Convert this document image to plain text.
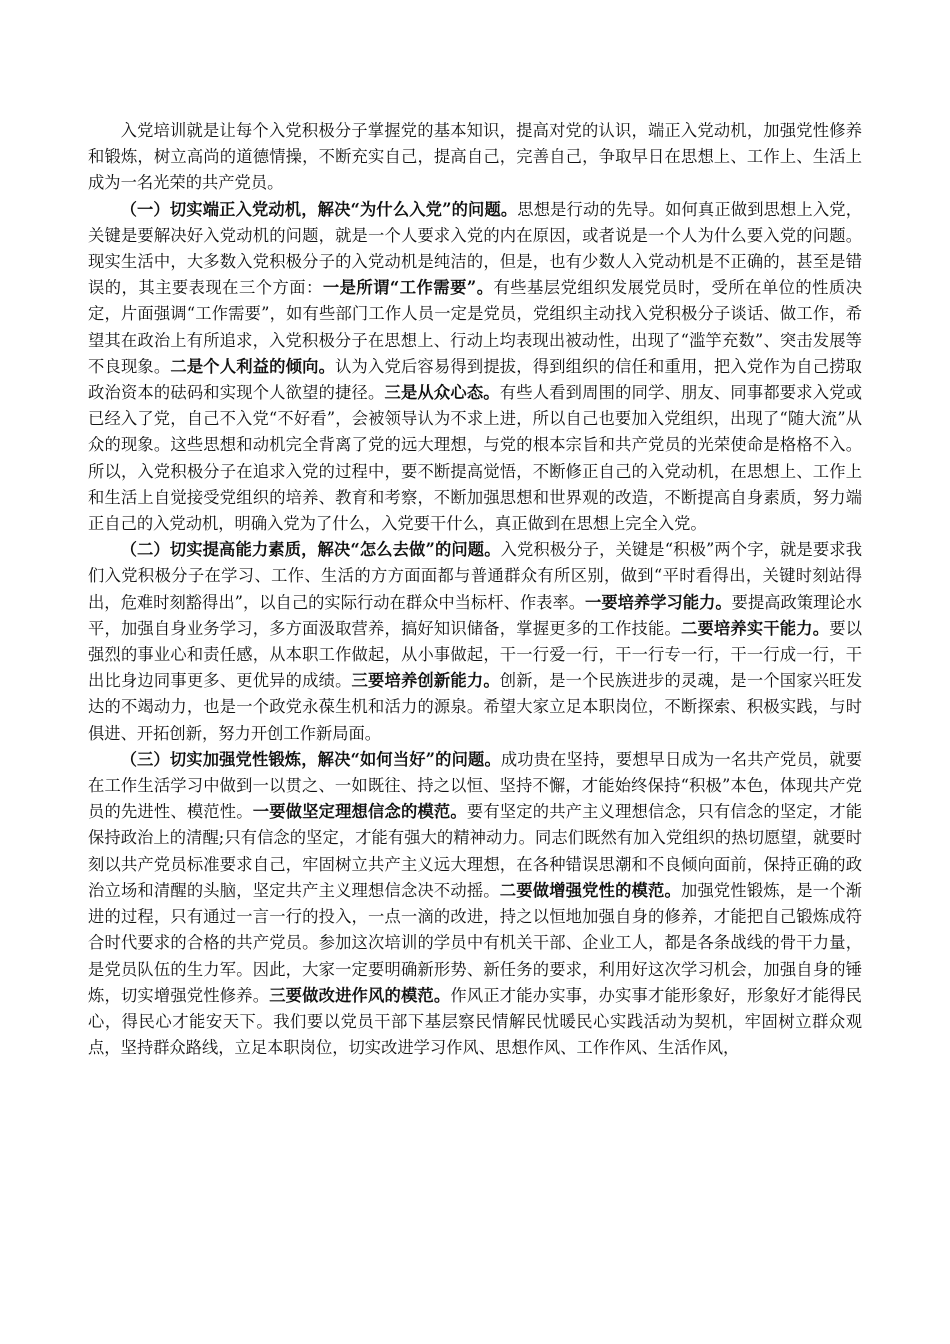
入党培训就是让每个入党积极分子掌握党的基本知识，提高对党的认识，端正入党动机，加强党性修养和锻炼，树立高尚的道德情操，不断充实自己，提高自己，完善自己，争取早日在思想上、工作上、生活上成为一名光荣的共产党员。

（一）切实端正入党动机，解决“为什么入党”的问题。思想是行动的先导。如何真正做到思想上入党，关键是要解决好入党动机的问题，就是一个人要求入党的内在原因，或者说是一个人为什么要入党的问题。现实生活中，大多数入党积极分子的入党动机是纯洁的，但是，也有少数人入党动机是不正确的，甚至是错误的，其主要表现在三个方面：一是所谓“工作需要”。有些基层党组织发展党员时，受所在单位的性质决定，片面强调“工作需要”，如有些部门工作人员一定是党员，党组织主动找入党积极分子谈话、做工作，希望其在政治上有所追求，入党积极分子在思想上、行动上均表现出被动性，出现了“滥竽充数”、突击发展等不良现象。二是个人利益的倾向。认为入党后容易得到提拔，得到组织的信任和重用，把入党作为自己捞取政治资本的砝码和实现个人欲望的捷径。三是从众心态。有些人看到周围的同学、朋友、同事都要求入党或已经入了党，自己不入党“不好看”，会被领导认为不求上进，所以自己也要加入党组织，出现了“随大流”从众的现象。这些思想和动机完全背离了党的远大理想，与党的根本宗旨和共产党员的光荣使命是格格不入。所以，入党积极分子在追求入党的过程中，要不断提高觉悟，不断修正自己的入党动机，在思想上、工作上和生活上自觉接受党组织的培养、教育和考察，不断加强思想和世界观的改造，不断提高自身素质，努力端正自己的入党动机，明确入党为了什么，入党要干什么，真正做到在思想上完全入党。

（二）切实提高能力素质，解决“怎么去做”的问题。入党积极分子，关键是“积极”两个字，就是要求我们入党积极分子在学习、工作、生活的方方面面都与普通群众有所区别，做到“平时看得出，关键时刻站得出，危难时刻豁得出”，以自己的实际行动在群众中当标杆、作表率。一要培养学习能力。要提高政策理论水平，加强自身业务学习，多方面汲取营养，搞好知识储备，掌握更多的工作技能。二要培养实干能力。要以强烈的事业心和责任感，从本职工作做起，从小事做起，干一行爱一行，干一行专一行，干一行成一行，干出比身边同事更多、更优异的成绩。三要培养创新能力。创新，是一个民族进步的灵魂，是一个国家兴旺发达的不竭动力，也是一个政党永葆生机和活力的源泉。希望大家立足本职岗位，不断探索、积极实践，与时俱进、开拓创新，努力开创工作新局面。

（三）切实加强党性锻炼，解决“如何当好”的问题。成功贵在坚持，要想早日成为一名共产党员，就要在工作生活学习中做到一以贯之、一如既往、持之以恒、坚持不懈，才能始终保持“积极”本色，体现共产党员的先进性、模范性。一要做坚定理想信念的模范。要有坚定的共产主义理想信念，只有信念的坚定，才能保持政治上的清醒;只有信念的坚定，才能有强大的精神动力。同志们既然有加入党组织的热切愿望，就要时刻以共产党员标准要求自己，牢固树立共产主义远大理想，在各种错误思潮和不良倾向面前，保持正确的政治立场和清醒的头脑，坚定共产主义理想信念决不动摇。二要做增强党性的模范。加强党性锻炼，是一个渐进的过程，只有通过一言一行的投入，一点一滴的改进，持之以恒地加强自身的修养，才能把自己锻炼成符合时代要求的合格的共产党员。参加这次培训的学员中有机关干部、企业工人，都是各条战线的骨干力量，是党员队伍的生力军。因此，大家一定要明确新形势、新任务的要求，利用好这次学习机会，加强自身的锤炼，切实增强党性修养。三要做改进作风的模范。作风正才能办实事，办实事才能形象好，形象好才能得民心，得民心才能安天下。我们要以党员干部下基层察民情解民忧暖民心实践活动为契机，牢固树立群众观点，坚持群众路线，立足本职岗位，切实改进学习作风、思想作风、工作作风、生活作风，
